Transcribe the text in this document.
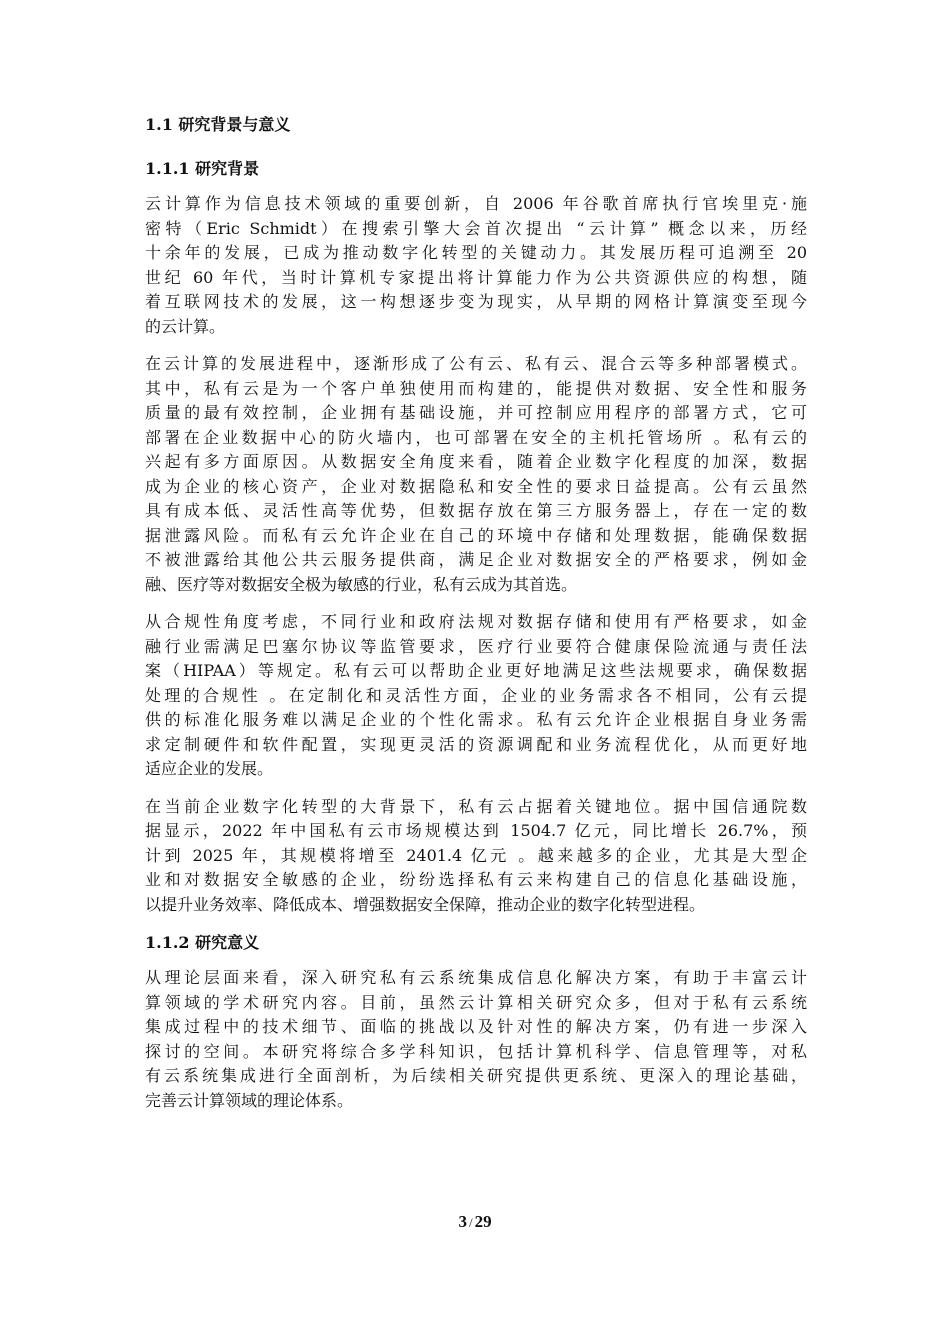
1.1 研究背景与意义
1.1.1 研究背景
云计算作为信息技术领域的重要创新，自 2006 年谷歌首席执行官埃里克·施
密特（Eric Schmidt）在搜索引擎大会首次提出 “云计算” 概念以来，历经
十余年的发展，已成为推动数字化转型的关键动力。其发展历程可追溯至 20
世纪 60 年代，当时计算机专家提出将计算能力作为公共资源供应的构想，随
着互联网技术的发展，这一构想逐步变为现实，从早期的网格计算演变至现今
的云计算。
在云计算的发展进程中，逐渐形成了公有云、私有云、混合云等多种部署模式。
其中，私有云是为一个客户单独使用而构建的，能提供对数据、安全性和服务
质量的最有效控制，企业拥有基础设施，并可控制应用程序的部署方式，它可
部署在企业数据中心的防火墙内，也可部署在安全的主机托管场所 。私有云的
兴起有多方面原因。从数据安全角度来看，随着企业数字化程度的加深，数据
成为企业的核心资产，企业对数据隐私和安全性的要求日益提高。公有云虽然
具有成本低、灵活性高等优势，但数据存放在第三方服务器上，存在一定的数
据泄露风险。而私有云允许企业在自己的环境中存储和处理数据，能确保数据
不被泄露给其他公共云服务提供商，满足企业对数据安全的严格要求，例如金
融、医疗等对数据安全极为敏感的行业，私有云成为其首选。
从合规性角度考虑，不同行业和政府法规对数据存储和使用有严格要求，如金
融行业需满足巴塞尔协议等监管要求，医疗行业要符合健康保险流通与责任法
案（HIPAA）等规定。私有云可以帮助企业更好地满足这些法规要求，确保数据
处理的合规性 。在定制化和灵活性方面，企业的业务需求各不相同，公有云提
供的标准化服务难以满足企业的个性化需求。私有云允许企业根据自身业务需
求定制硬件和软件配置，实现更灵活的资源调配和业务流程优化，从而更好地
适应企业的发展。
在当前企业数字化转型的大背景下，私有云占据着关键地位。据中国信通院数
据显示，2022 年中国私有云市场规模达到 1504.7 亿元，同比增长 26.7%，预
计到 2025 年，其规模将增至 2401.4 亿元 。越来越多的企业，尤其是大型企
业和对数据安全敏感的企业，纷纷选择私有云来构建自己的信息化基础设施，
以提升业务效率、降低成本、增强数据安全保障，推动企业的数字化转型进程。
1.1.2 研究意义
从理论层面来看，深入研究私有云系统集成信息化解决方案，有助于丰富云计
算领域的学术研究内容。目前，虽然云计算相关研究众多，但对于私有云系统
集成过程中的技术细节、面临的挑战以及针对性的解决方案，仍有进一步深入
探讨的空间。本研究将综合多学科知识，包括计算机科学、信息管理等，对私
有云系统集成进行全面剖析，为后续相关研究提供更系统、更深入的理论基础，
完善云计算领域的理论体系。
3 / 29
